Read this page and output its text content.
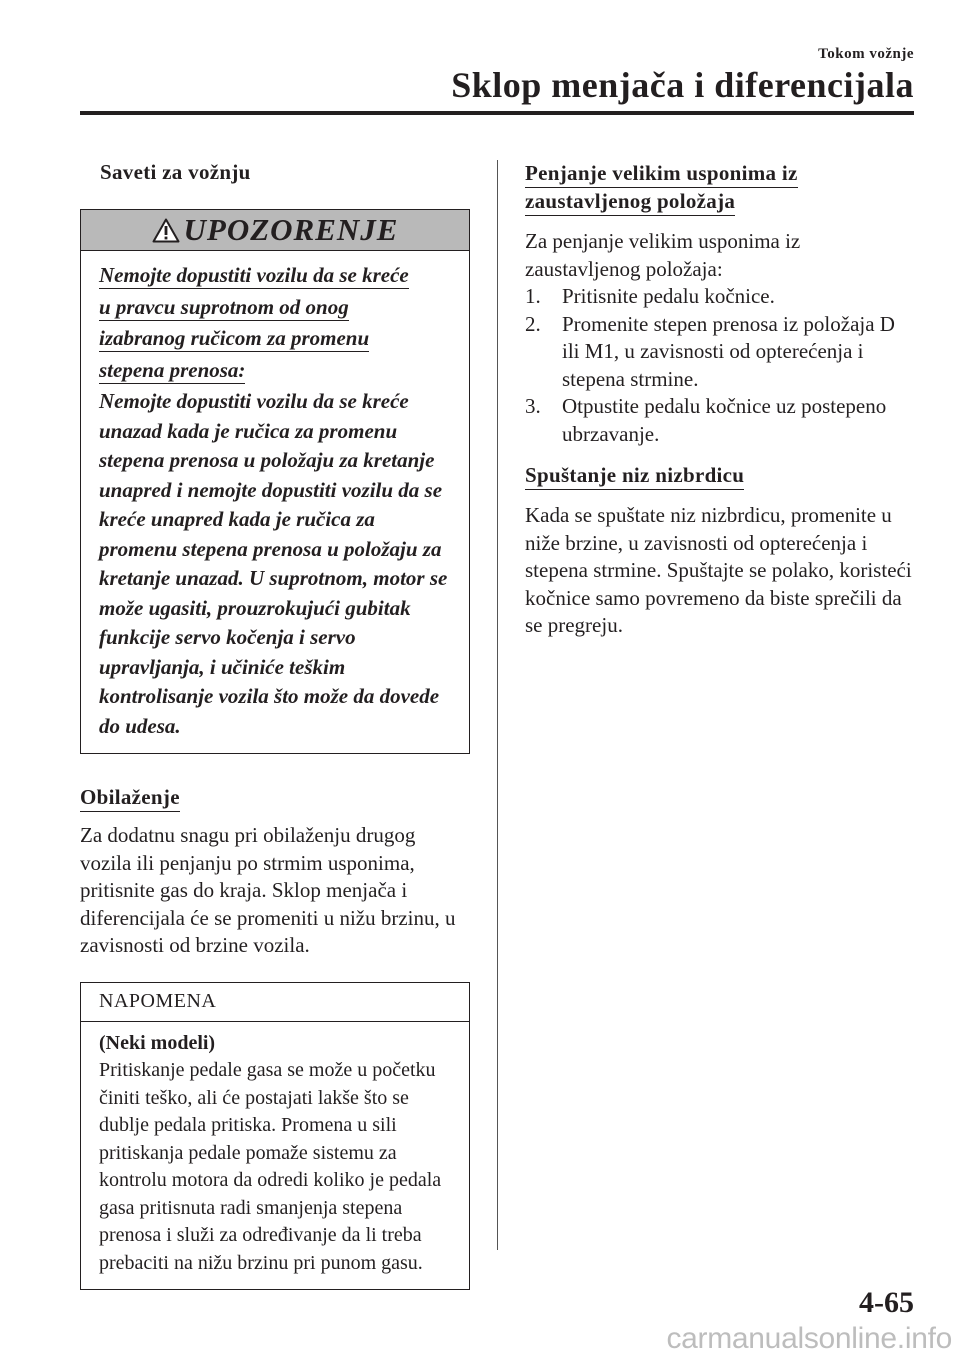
Tokom vožnje
Sklop menjača i diferencijala

Saveti za vožnju

UPOZORENJE
Nemojte dopustiti vozilu da se kreće
u pravcu suprotnom od onog
izabranog ručicom za promenu
stepena prenosa:
Nemojte dopustiti vozilu da se kreće unazad kada je ručica za promenu stepena prenosa u položaju za kretanje unapred i nemojte dopustiti vozilu da se kreće unapred kada je ručica za promenu stepena prenosa u položaju za kretanje unazad. U suprotnom, motor se može ugasiti, prouzrokujući gubitak funkcije servo kočenja i servo upravljanja, i učiniće teškim kontrolisanje vozila što može da dovede do udesa.
Obilaženje

Za dodatnu snagu pri obilaženju drugog vozila ili penjanju po strmim usponima, pritisnite gas do kraja. Sklop menjača i diferencijala će se promeniti u nižu brzinu, u zavisnosti od brzine vozila.

NAPOMENA
(Neki modeli)
Pritiskanje pedale gasa se može u početku činiti teško, ali će postajati lakše što se dublje pedala pritiska. Promena u sili pritiskanja pedale pomaže sistemu za kontrolu motora da odredi koliko je pedala gasa pritisnuta radi smanjenja stepena prenosa i služi za određivanje da li treba prebaciti na nižu brzinu pri punom gasu.
Penjanje velikim usponima iz
zaustavljenog položaja

Za penjanje velikim usponima iz zaustavljenog položaja:

1.	Pritisnite pedalu kočnice.
2.	Promenite stepen prenosa iz položaja D ili M1, u zavisnosti od opterećenja i stepena strmine.
3.	Otpustite pedalu kočnice uz postepeno ubrzavanje.
Spuštanje niz nizbrdicu

Kada se spuštate niz nizbrdicu, promenite u niže brzine, u zavisnosti od opterećenja i stepena strmine. Spuštajte se polako, koristeći kočnice samo povremeno da biste sprečili da se pregreju.

4-65
carmanualsonline.info
